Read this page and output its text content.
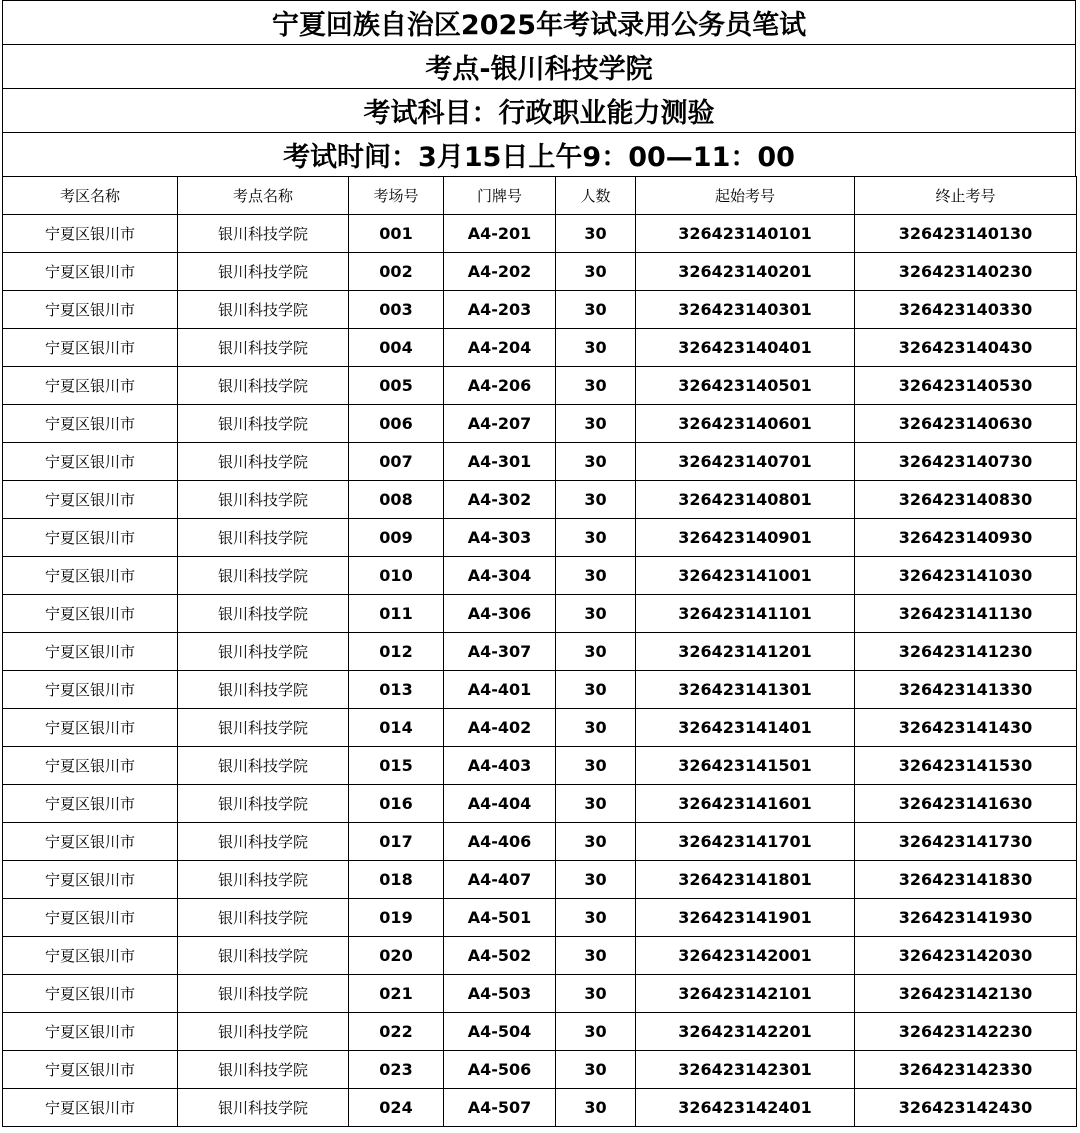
宁夏回族自治区2025年考试录用公务员笔试
考点-银川科技学院
考试科目：行政职业能力测验
考试时间：3月15日上午9：00—11：00
考区名称	考点名称	考场号	门牌号	人数	起始考号	终止考号
宁夏区银川市	银川科技学院	001	A4-201	30	326423140101	326423140130
宁夏区银川市	银川科技学院	002	A4-202	30	326423140201	326423140230
宁夏区银川市	银川科技学院	003	A4-203	30	326423140301	326423140330
宁夏区银川市	银川科技学院	004	A4-204	30	326423140401	326423140430
宁夏区银川市	银川科技学院	005	A4-206	30	326423140501	326423140530
宁夏区银川市	银川科技学院	006	A4-207	30	326423140601	326423140630
宁夏区银川市	银川科技学院	007	A4-301	30	326423140701	326423140730
宁夏区银川市	银川科技学院	008	A4-302	30	326423140801	326423140830
宁夏区银川市	银川科技学院	009	A4-303	30	326423140901	326423140930
宁夏区银川市	银川科技学院	010	A4-304	30	326423141001	326423141030
宁夏区银川市	银川科技学院	011	A4-306	30	326423141101	326423141130
宁夏区银川市	银川科技学院	012	A4-307	30	326423141201	326423141230
宁夏区银川市	银川科技学院	013	A4-401	30	326423141301	326423141330
宁夏区银川市	银川科技学院	014	A4-402	30	326423141401	326423141430
宁夏区银川市	银川科技学院	015	A4-403	30	326423141501	326423141530
宁夏区银川市	银川科技学院	016	A4-404	30	326423141601	326423141630
宁夏区银川市	银川科技学院	017	A4-406	30	326423141701	326423141730
宁夏区银川市	银川科技学院	018	A4-407	30	326423141801	326423141830
宁夏区银川市	银川科技学院	019	A4-501	30	326423141901	326423141930
宁夏区银川市	银川科技学院	020	A4-502	30	326423142001	326423142030
宁夏区银川市	银川科技学院	021	A4-503	30	326423142101	326423142130
宁夏区银川市	银川科技学院	022	A4-504	30	326423142201	326423142230
宁夏区银川市	银川科技学院	023	A4-506	30	326423142301	326423142330
宁夏区银川市	银川科技学院	024	A4-507	30	326423142401	326423142430
